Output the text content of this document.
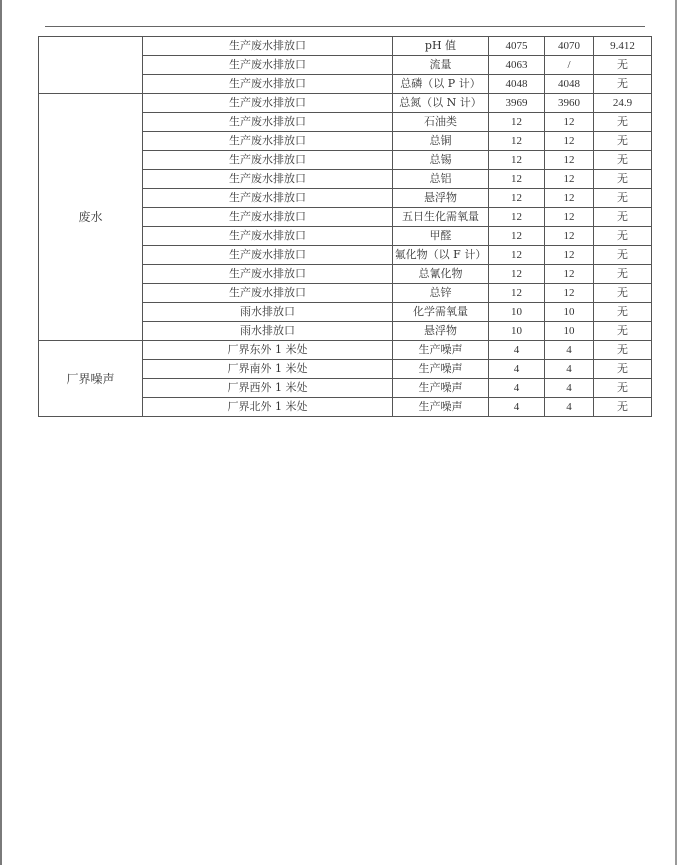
	生产废水排放口	pH 值	4075	4070	9.412
	生产废水排放口	流量	4063	/	无
	生产废水排放口	总磷（以 P 计）	4048	4048	无
废水	生产废水排放口	总氮（以 N 计）	3969	3960	24.9
	生产废水排放口	石油类	12	12	无
	生产废水排放口	总铜	12	12	无
	生产废水排放口	总锡	12	12	无
	生产废水排放口	总铝	12	12	无
	生产废水排放口	悬浮物	12	12	无
	生产废水排放口	五日生化需氧量	12	12	无
	生产废水排放口	甲醛	12	12	无
	生产废水排放口	氟化物（以 F 计）	12	12	无
	生产废水排放口	总氰化物	12	12	无
	生产废水排放口	总锌	12	12	无
	雨水排放口	化学需氧量	10	10	无
	雨水排放口	悬浮物	10	10	无
厂界噪声	厂界东外 1 米处	生产噪声	4	4	无
	厂界南外 1 米处	生产噪声	4	4	无
	厂界西外 1 米处	生产噪声	4	4	无
	厂界北外 1 米处	生产噪声	4	4	无
